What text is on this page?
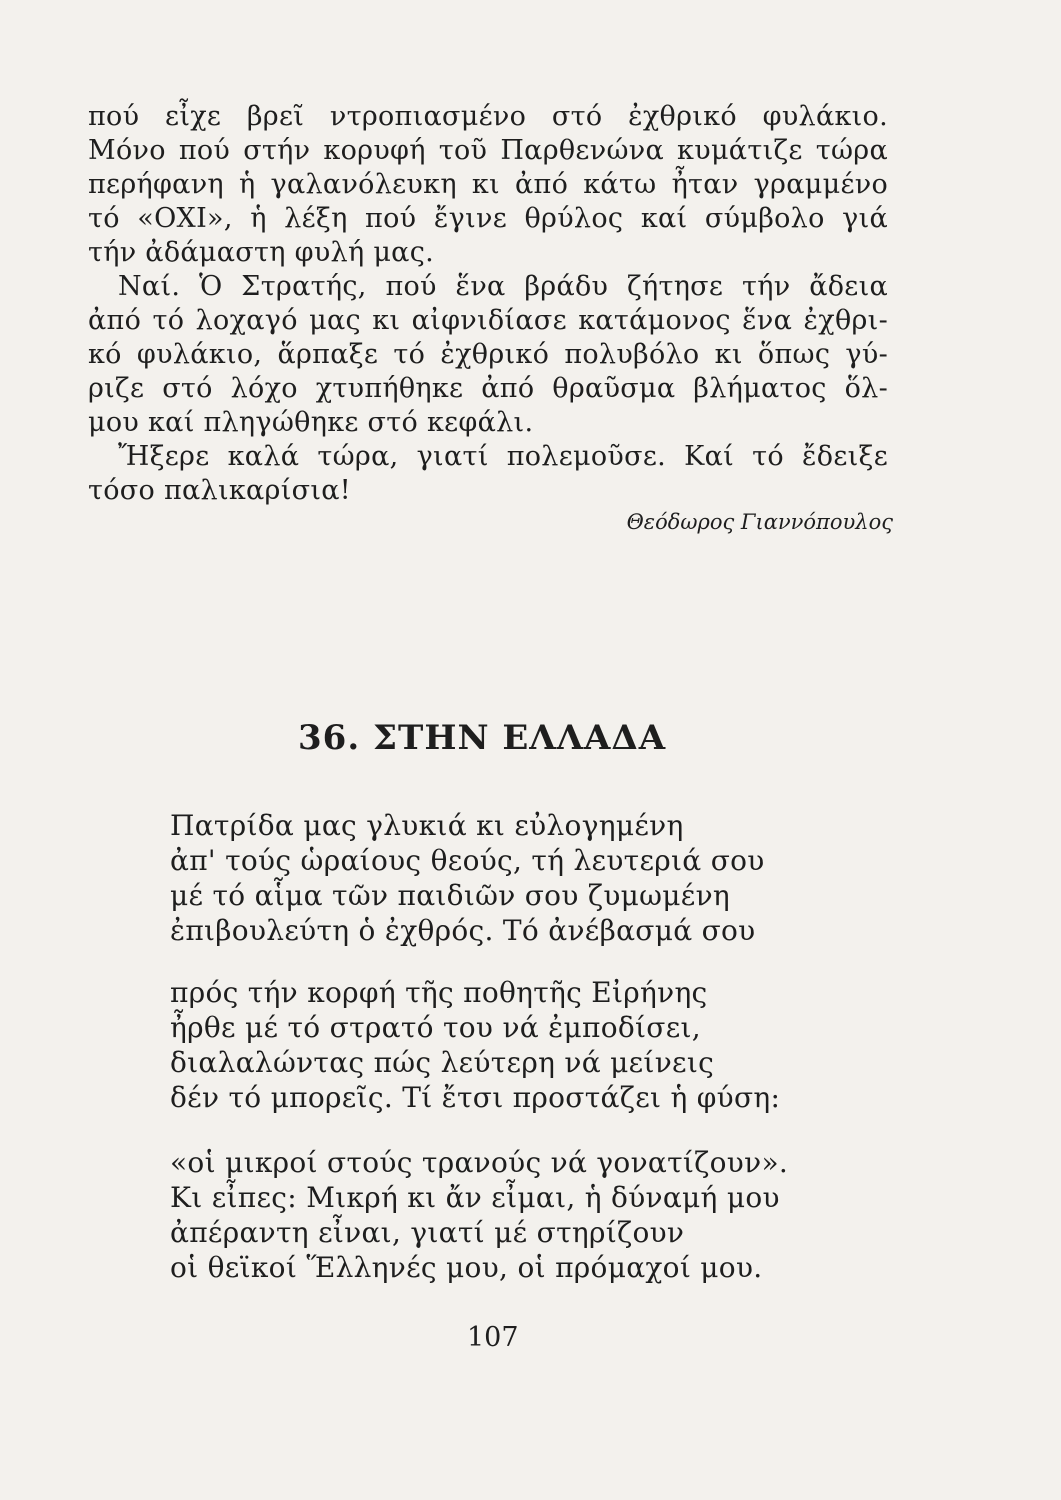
πού εἶχε βρεῖ ντροπιασμένο στό ἐχθρικό φυλάκιο.
Μόνο πού στήν κορυφή τοῦ Παρθενώνα κυμάτιζε τώρα
περήφανη ἡ γαλανόλευκη κι ἀπό κάτω ἦταν γραμμένο
τό «ΟΧΙ», ἡ λέξη πού ἔγινε θρύλος καί σύμβολο γιά
τήν ἀδάμαστη φυλή μας.
Ναί. Ὁ Στρατής, πού ἕνα βράδυ ζήτησε τήν ἄδεια
ἀπό τό λοχαγό μας κι αἰφνιδίασε κατάμονος ἕνα ἐχθρι-
κό φυλάκιο, ἅρπαξε τό ἐχθρικό πολυβόλο κι ὅπως γύ-
ριζε στό λόχο χτυπήθηκε ἀπό θραῦσμα βλήματος ὅλ-
μου καί πληγώθηκε στό κεφάλι.
Ἤξερε καλά τώρα, γιατί πολεμοῦσε. Καί τό ἔδειξε
τόσο παλικαρίσια!
Θεόδωρος Γιαννόπουλος
36. ΣΤΗΝ ΕΛΛΑΔΑ
Πατρίδα μας γλυκιά κι εὐλογημένη
ἀπ' τούς ὡραίους θεούς, τή λευτεριά σου
μέ τό αἷμα τῶν παιδιῶν σου ζυμωμένη
ἐπιβουλεύτη ὁ ἐχθρός. Τό ἀνέβασμά σου
πρός τήν κορφή τῆς ποθητῆς Εἰρήνης
ἦρθε μέ τό στρατό του νά ἐμποδίσει,
διαλαλώντας πώς λεύτερη νά μείνεις
δέν τό μπορεῖς. Τί ἔτσι προστάζει ἡ φύση:
«οἱ μικροί στούς τρανούς νά γονατίζουν».
Κι εἶπες: Μικρή κι ἄν εἶμαι, ἡ δύναμή μου
ἀπέραντη εἶναι, γιατί μέ στηρίζουν
οἱ θεϊκοί Ἕλληνές μου, οἱ πρόμαχοί μου.
107
